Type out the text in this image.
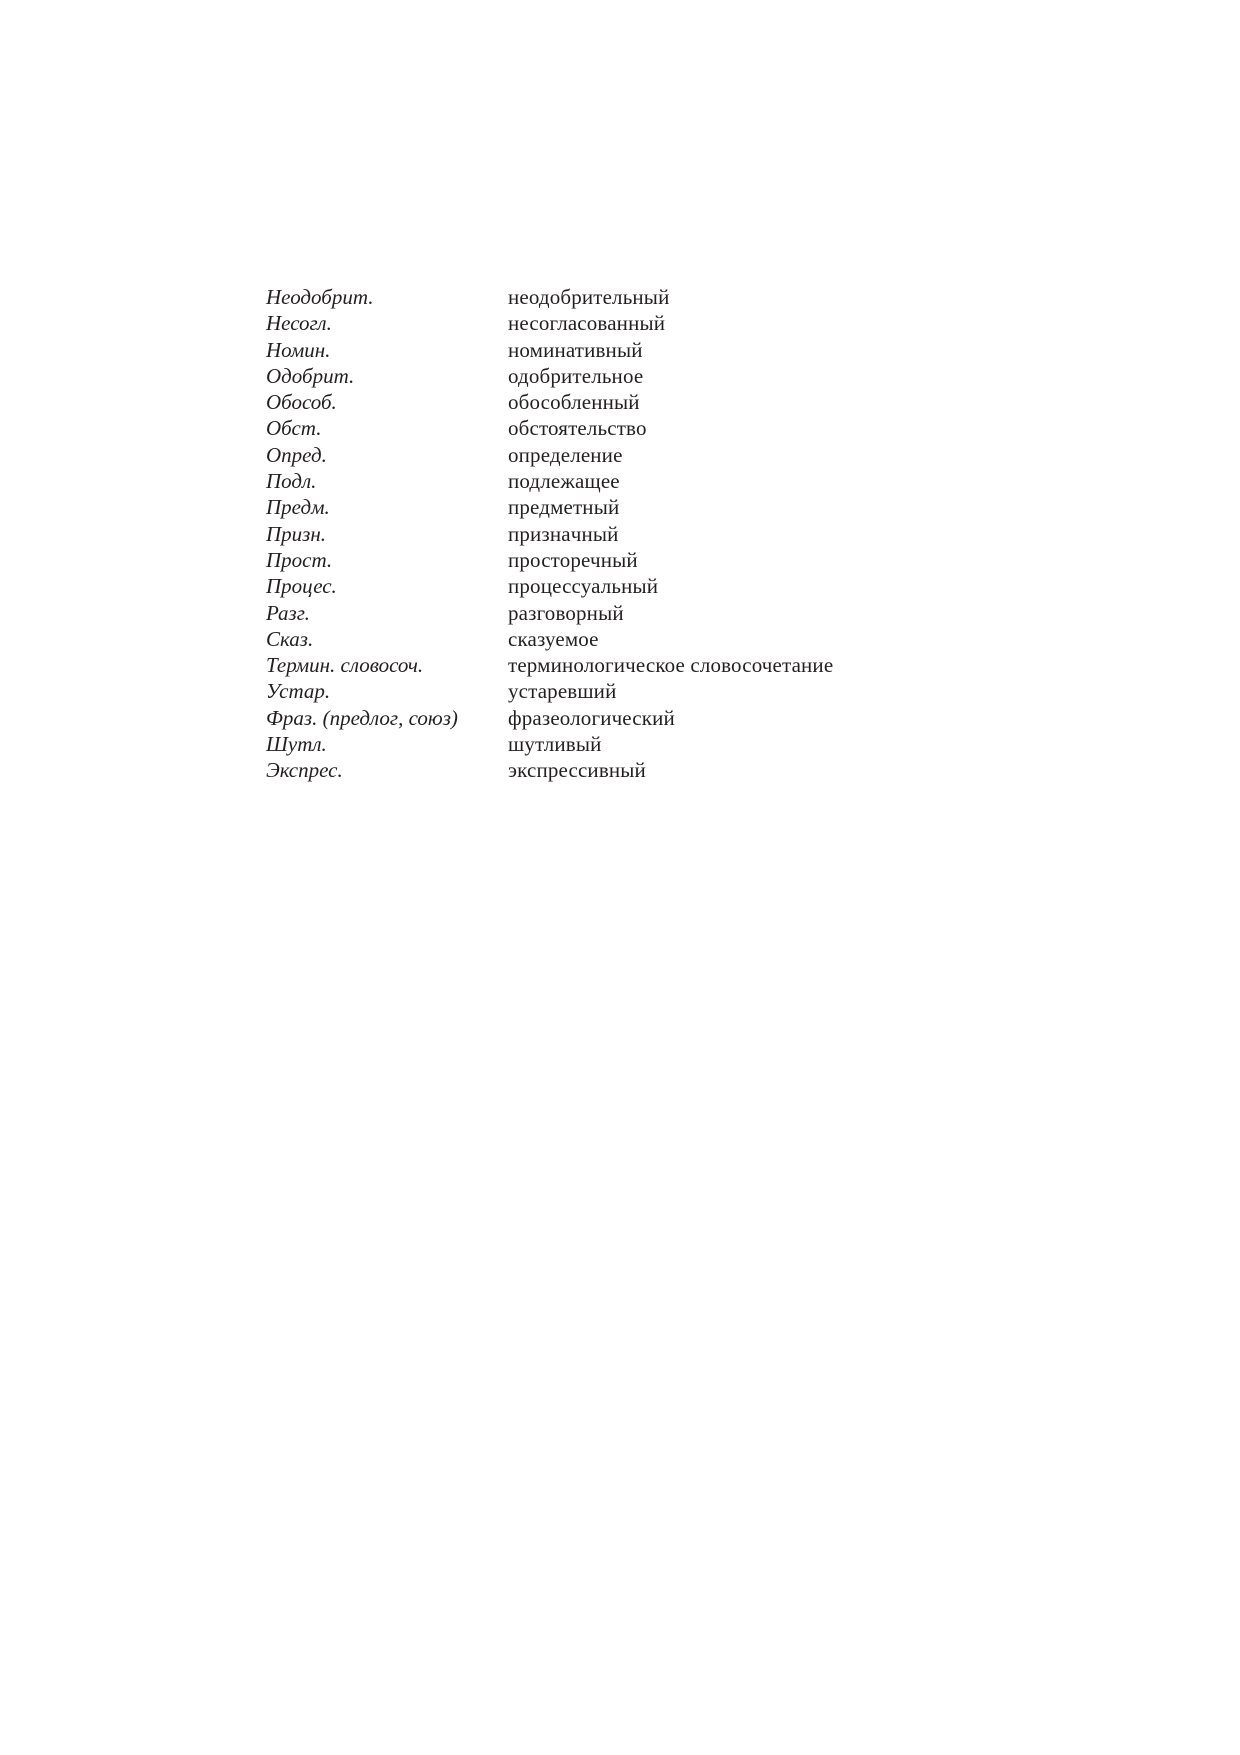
Неодобрит.	неодобрительный
Несогл.	несогласованный
Номин.	номинативный
Одобрит.	одобрительное
Обособ.	обособленный
Обст.	обстоятельство
Опред.	определение
Подл.	подлежащее
Предм.	предметный
Призн.	признaчный
Прост.	просторечный
Процес.	процессуальный
Разг.	разговорный
Сказ.	сказуемое
Термин. словосоч.	терминологическое словосочетание
Устар.	устаревший
Фраз. (предлог, союз)	фразеологический
Шутл.	шутливый
Экспрес.	экспрессивный
